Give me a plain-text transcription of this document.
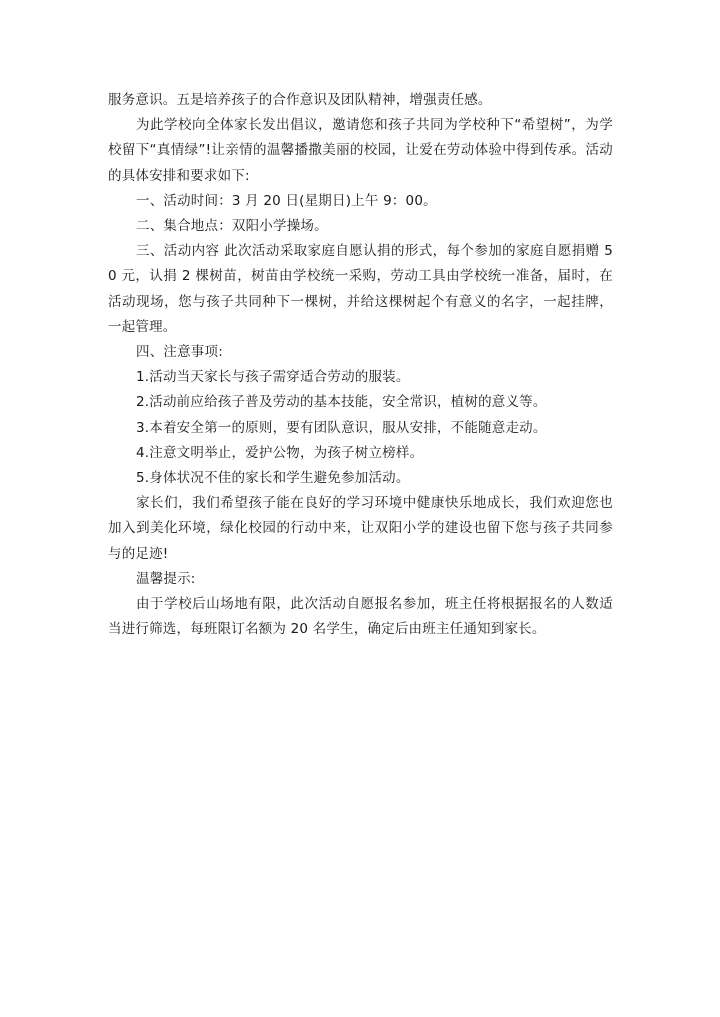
服务意识。五是培养孩子的合作意识及团队精神，增强责任感。

为此学校向全体家长发出倡议，邀请您和孩子共同为学校种下“希望树”，为学校留下“真情绿”!让亲情的温馨播撒美丽的校园，让爱在劳动体验中得到传承。活动的具体安排和要求如下:

一、活动时间：3 月 20 日(星期日)上午 9：00。

二、集合地点：双阳小学操场。

三、活动内容 此次活动采取家庭自愿认捐的形式，每个参加的家庭自愿捐赠 50 元，认捐 2 棵树苗，树苗由学校统一采购，劳动工具由学校统一准备，届时，在活动现场，您与孩子共同种下一棵树，并给这棵树起个有意义的名字，一起挂牌，一起管理。

四、注意事项:

1.活动当天家长与孩子需穿适合劳动的服装。

2.活动前应给孩子普及劳动的基本技能，安全常识，植树的意义等。

3.本着安全第一的原则，要有团队意识，服从安排，不能随意走动。

4.注意文明举止，爱护公物，为孩子树立榜样。

5.身体状况不佳的家长和学生避免参加活动。

家长们，我们希望孩子能在良好的学习环境中健康快乐地成长，我们欢迎您也加入到美化环境，绿化校园的行动中来，让双阳小学的建设也留下您与孩子共同参与的足迹!

温馨提示:

由于学校后山场地有限，此次活动自愿报名参加，班主任将根据报名的人数适当进行筛选，每班限订名额为 20 名学生，确定后由班主任通知到家长。
